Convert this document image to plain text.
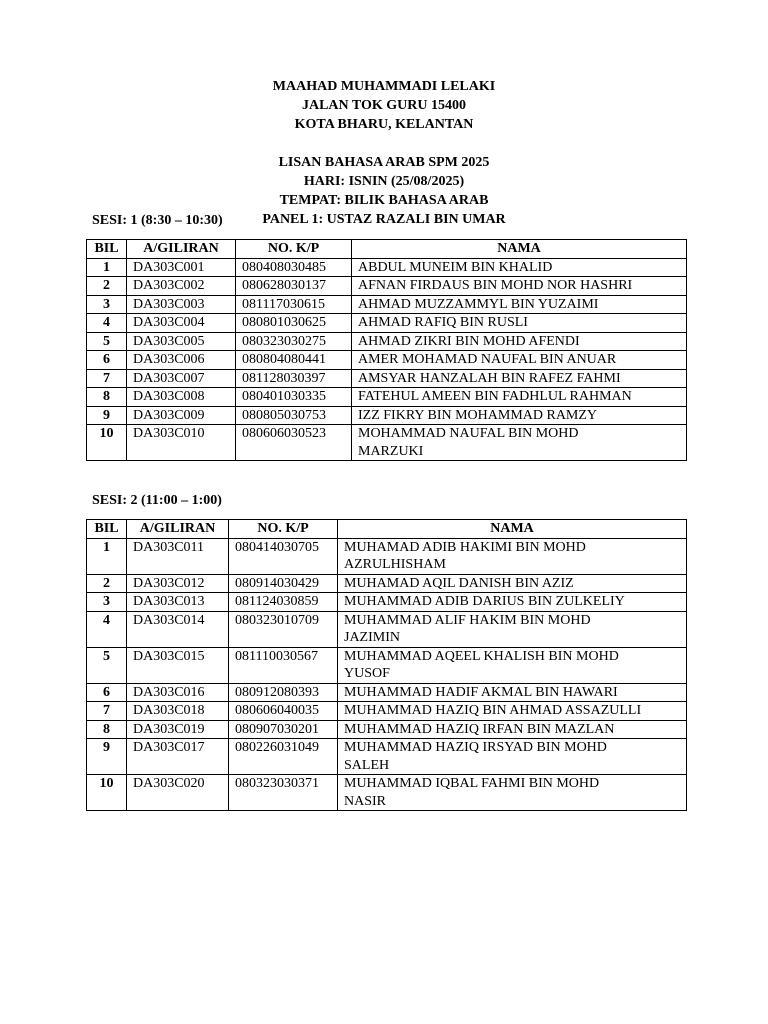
MAAHAD MUHAMMADI LELAKI
JALAN TOK GURU 15400
KOTA BHARU, KELANTAN
LISAN BAHASA ARAB SPM 2025
HARI: ISNIN (25/08/2025)
TEMPAT: BILIK BAHASA ARAB
PANEL 1: USTAZ RAZALI BIN UMAR
SESI: 1 (8:30 – 10:30)
BIL	A/GILIRAN	NO. K/P	NAMA
1	DA303C001	080408030485	ABDUL MUNEIM BIN KHALID

2	DA303C002	080628030137	AFNAN FIRDAUS BIN MOHD NOR HASHRI

3	DA303C003	081117030615	AHMAD MUZZAMMYL BIN YUZAIMI

4	DA303C004	080801030625	AHMAD RAFIQ BIN RUSLI

5	DA303C005	080323030275	AHMAD ZIKRI BIN MOHD AFENDI

6	DA303C006	080804080441	AMER MOHAMAD NAUFAL BIN ANUAR

7	DA303C007	081128030397	AMSYAR HANZALAH BIN RAFEZ FAHMI

8	DA303C008	080401030335	FATEHUL AMEEN BIN FADHLUL RAHMAN

9	DA303C009	080805030753	IZZ FIKRY BIN MOHAMMAD RAMZY

10	DA303C010	080606030523	MOHAMMAD NAUFAL BIN MOHD
MARZUKI
SESI: 2 (11:00 – 1:00)
BIL	A/GILIRAN	NO. K/P	NAMA
1	DA303C011	080414030705	MUHAMAD ADIB HAKIMI BIN MOHD
AZRULHISHAM

2	DA303C012	080914030429	MUHAMAD AQIL DANISH BIN AZIZ

3	DA303C013	081124030859	MUHAMMAD ADIB DARIUS BIN ZULKELIY

4	DA303C014	080323010709	MUHAMMAD ALIF HAKIM BIN MOHD
JAZIMIN

5	DA303C015	081110030567	MUHAMMAD AQEEL KHALISH BIN MOHD
YUSOF

6	DA303C016	080912080393	MUHAMMAD HADIF AKMAL BIN HAWARI

7	DA303C018	080606040035	MUHAMMAD HAZIQ BIN AHMAD ASSAZULLI

8	DA303C019	080907030201	MUHAMMAD HAZIQ IRFAN BIN MAZLAN

9	DA303C017	080226031049	MUHAMMAD HAZIQ IRSYAD BIN MOHD
SALEH

10	DA303C020	080323030371	MUHAMMAD IQBAL FAHMI BIN MOHD
NASIR
